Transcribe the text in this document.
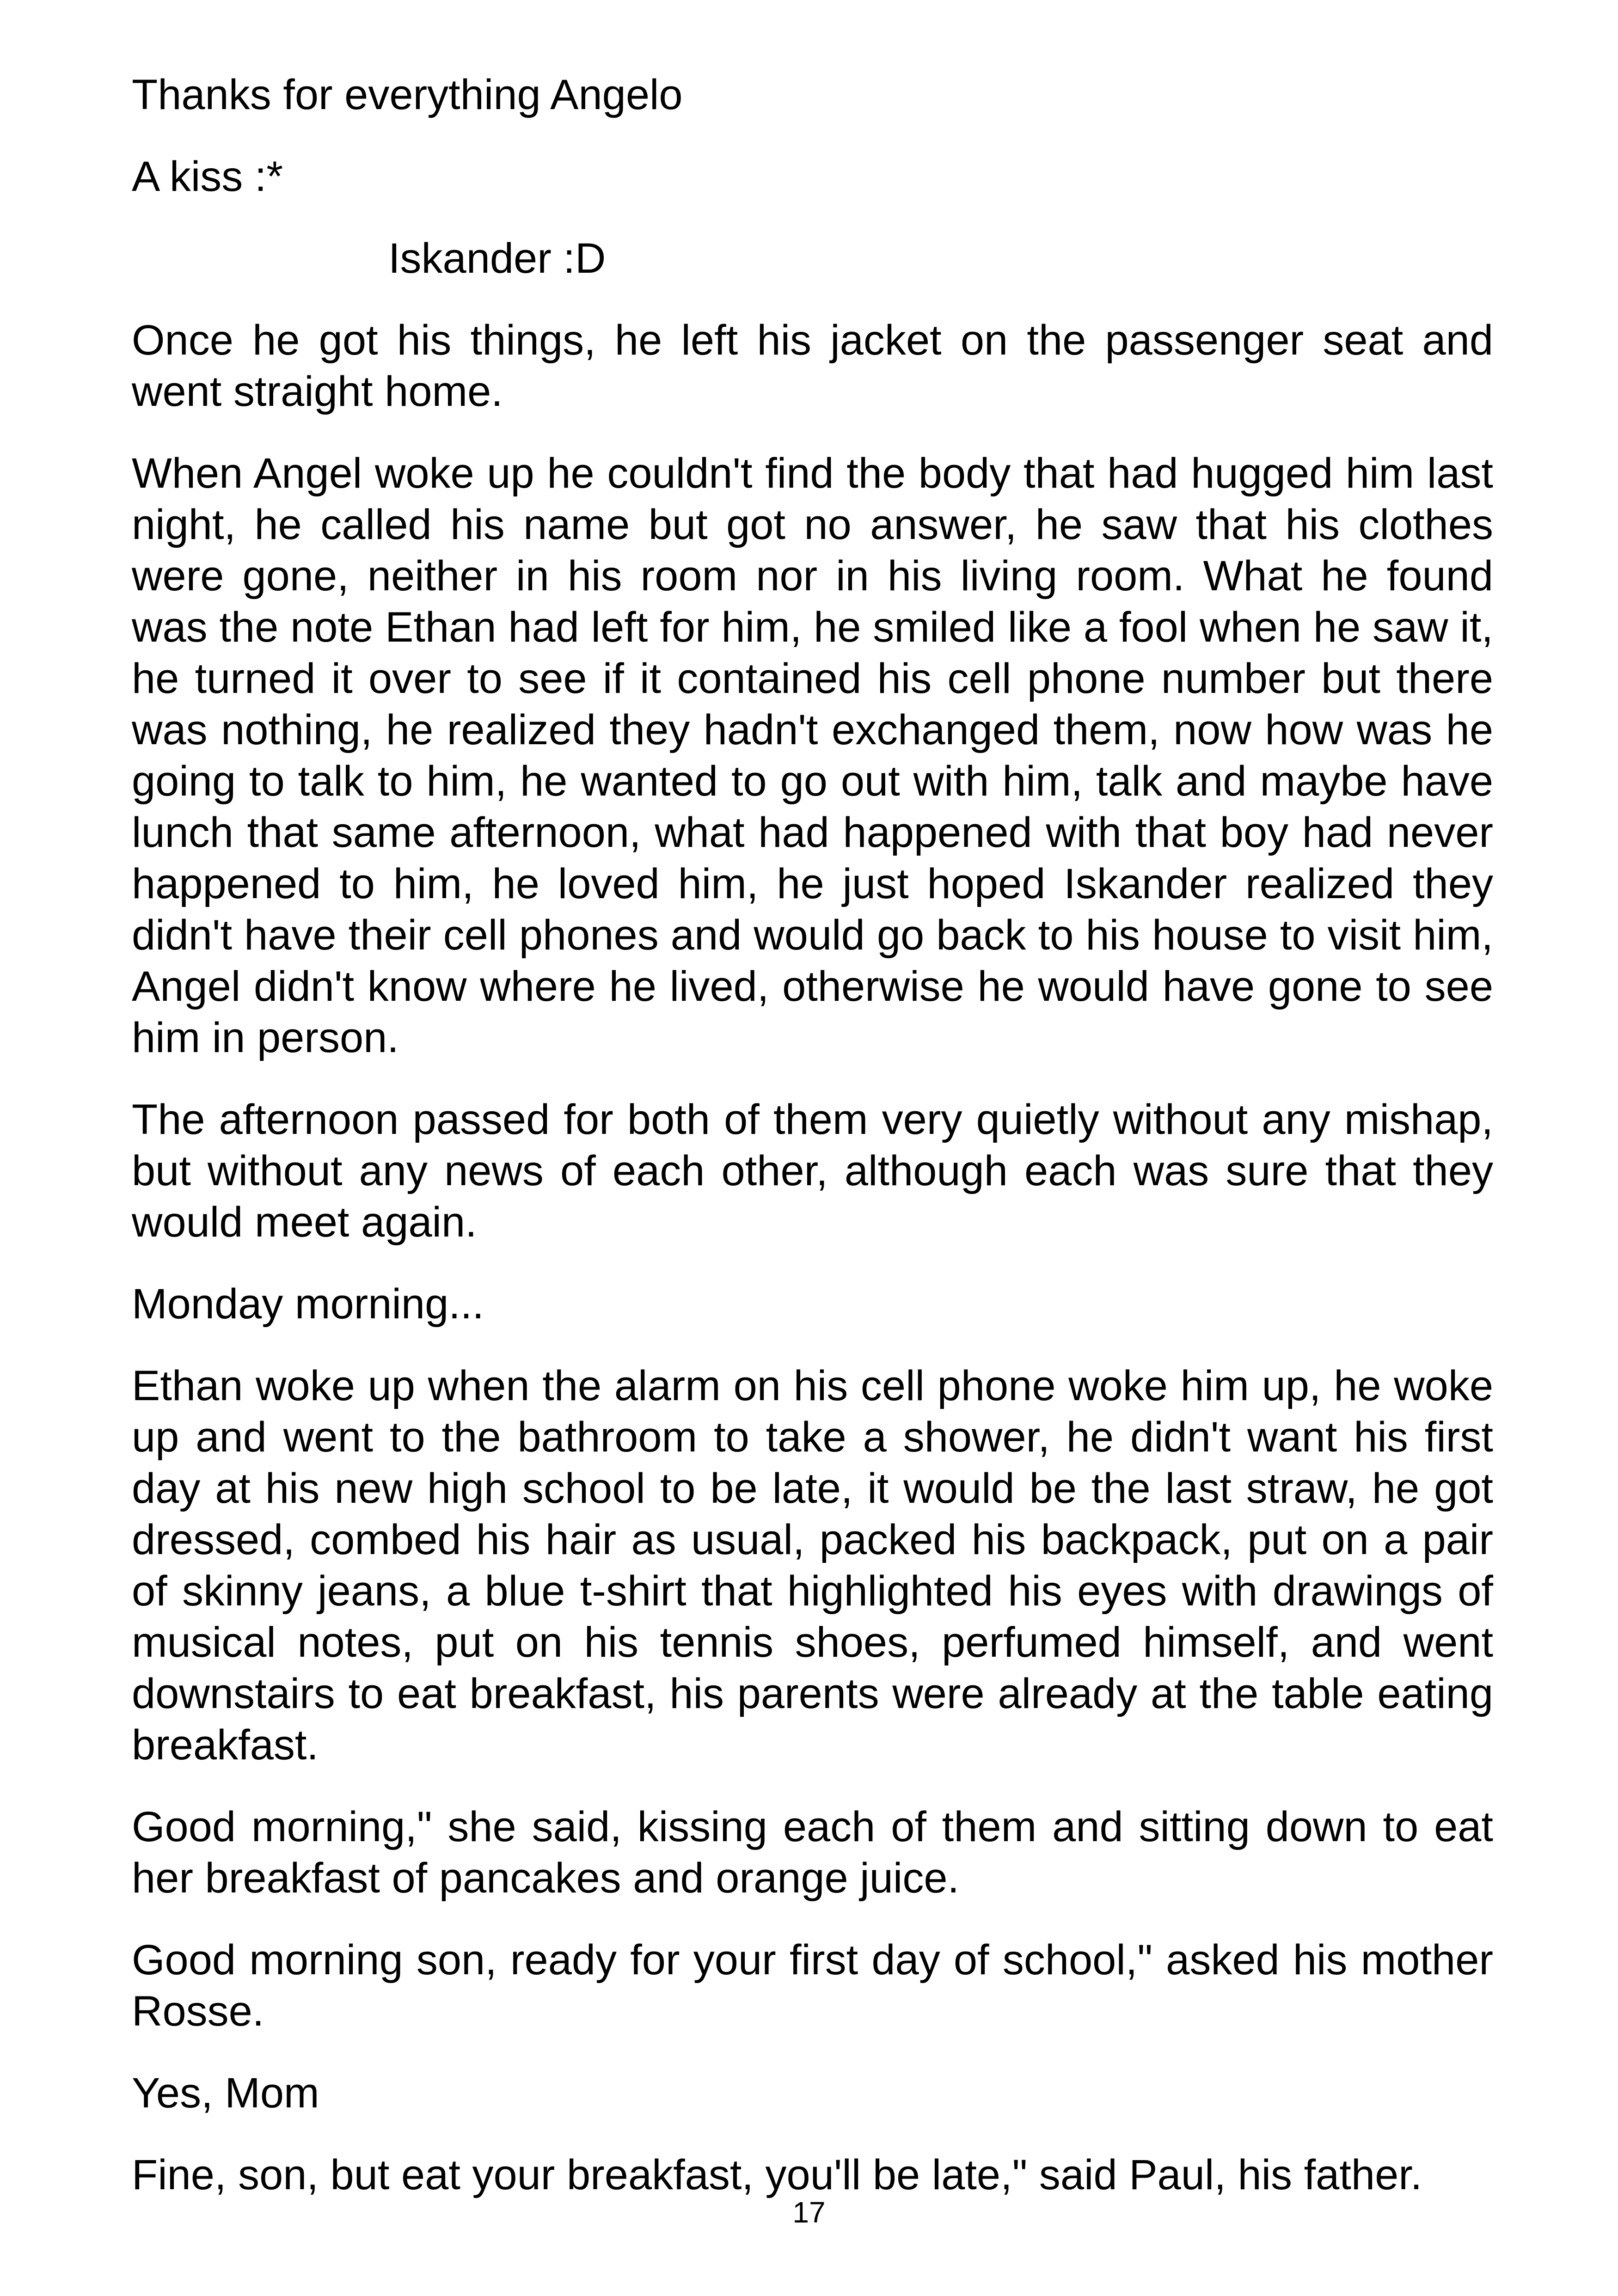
Thanks for everything Angelo

A kiss :*

Iskander :D

Once he got his things, he left his jacket on the passenger seat and went straight home.

When Angel woke up he couldn't find the body that had hugged him last night, he called his name but got no answer, he saw that his clothes were gone, neither in his room nor in his living room. What he found was the note Ethan had left for him, he smiled like a fool when he saw it, he turned it over to see if it contained his cell phone number but there was nothing, he realized they hadn't exchanged them, now how was he going to talk to him, he wanted to go out with him, talk and maybe have lunch that same afternoon, what had happened with that boy had never happened to him, he loved him, he just hoped Iskander realized they didn't have their cell phones and would go back to his house to visit him, Angel didn't know where he lived, otherwise he would have gone to see him in person.

The afternoon passed for both of them very quietly without any mishap, but without any news of each other, although each was sure that they would meet again.

Monday morning...

Ethan woke up when the alarm on his cell phone woke him up, he woke up and went to the bathroom to take a shower, he didn't want his first day at his new high school to be late, it would be the last straw, he got dressed, combed his hair as usual, packed his backpack, put on a pair of skinny jeans, a blue t-shirt that highlighted his eyes with drawings of musical notes, put on his tennis shoes, perfumed himself, and went downstairs to eat breakfast, his parents were already at the table eating breakfast.

Good morning," she said, kissing each of them and sitting down to eat her breakfast of pancakes and orange juice.

Good morning son, ready for your first day of school," asked his mother Rosse.

Yes, Mom

Fine, son, but eat your breakfast, you'll be late," said Paul, his father.

17
